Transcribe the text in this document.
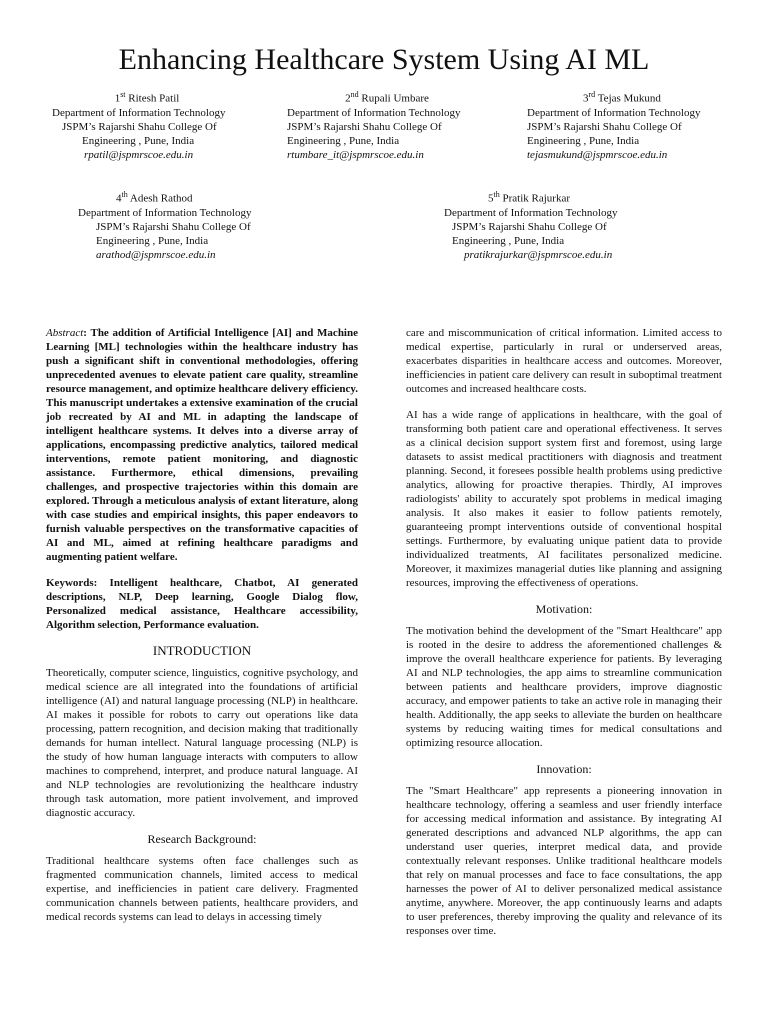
Enhancing Healthcare System Using AI ML
1st Ritesh Patil
Department of Information Technology
JSPM’s Rajarshi Shahu College Of
Engineering , Pune, India
rpatil@jspmrscoe.edu.in
2nd Rupali Umbare
Department of Information Technology
JSPM’s Rajarshi Shahu College Of
Engineering , Pune, India
rtumbare_it@jspmrscoe.edu.in
3rd Tejas Mukund
Department of Information Technology
JSPM’s Rajarshi Shahu College Of
Engineering , Pune, India
tejasmukund@jspmrscoe.edu.in
4th Adesh Rathod
Department of Information Technology
JSPM’s Rajarshi Shahu College Of
Engineering , Pune, India
arathod@jspmrscoe.edu.in
5th Pratik Rajurkar
Department of Information Technology
JSPM’s Rajarshi Shahu College Of
Engineering , Pune, India
pratikrajurkar@jspmrscoe.edu.in

Abstract: The addition of Artificial Intelligence [AI] and Machine Learning [ML] technologies within the healthcare industry has push a significant shift in conventional methodologies, offering unprecedented avenues to elevate patient care quality, streamline resource management, and optimize healthcare delivery efficiency. This manuscript undertakes a extensive examination of the crucial job recreated by AI and ML in adapting the landscape of intelligent healthcare systems. It delves into a diverse array of applications, encompassing predictive analytics, tailored medical interventions, remote patient monitoring, and diagnostic assistance. Furthermore, ethical dimensions, prevailing challenges, and prospective trajectories within this domain are explored. Through a meticulous analysis of extant literature, along with case studies and empirical insights, this paper endeavors to furnish valuable perspectives on the transformative capacities of AI and ML, aimed at refining healthcare paradigms and augmenting patient welfare.

Keywords: Intelligent healthcare, Chatbot, AI generated descriptions, NLP, Deep learning, Google Dialog flow, Personalized medical assistance, Healthcare accessibility, Algorithm selection, Performance evaluation.

INTRODUCTION

Theoretically, computer science, linguistics, cognitive psychology, and medical science are all integrated into the foundations of artificial intelligence (AI) and natural language processing (NLP) in healthcare. AI makes it possible for robots to carry out operations like data processing, pattern recognition, and decision making that traditionally demands for human intellect. Natural language processing (NLP) is the study of how human language interacts with computers to allow machines to comprehend, interpret, and produce natural language. AI and NLP technologies are revolutionizing the healthcare industry through task automation, more patient involvement, and improved diagnostic accuracy.

Research Background:

Traditional healthcare systems often face challenges such as fragmented communication channels, limited access to medical expertise, and inefficiencies in patient care delivery. Fragmented communication channels between patients, healthcare providers, and medical records systems can lead to delays in accessing timely

care and miscommunication of critical information. Limited access to medical expertise, particularly in rural or underserved areas, exacerbates disparities in healthcare access and outcomes. Moreover, inefficiencies in patient care delivery can result in suboptimal treatment outcomes and increased healthcare costs.

AI has a wide range of applications in healthcare, with the goal of transforming both patient care and operational effectiveness. It serves as a clinical decision support system first and foremost, using large datasets to assist medical practitioners with diagnosis and treatment planning. Second, it foresees possible health problems using predictive analytics, allowing for proactive therapies. Thirdly, AI improves radiologists' ability to accurately spot problems in medical imaging analysis. It also makes it easier to follow patients remotely, guaranteeing prompt interventions outside of conventional hospital settings. Furthermore, by evaluating unique patient data to provide individualized treatments, AI facilitates personalized medicine. Moreover, it maximizes managerial duties like planning and assigning resources, improving the effectiveness of operations.

Motivation:

The motivation behind the development of the "Smart Healthcare" app is rooted in the desire to address the aforementioned challenges & improve the overall healthcare experience for patients. By leveraging AI and NLP technologies, the app aims to streamline communication between patients and healthcare providers, improve diagnostic accuracy, and empower patients to take an active role in managing their health. Additionally, the app seeks to alleviate the burden on healthcare systems by reducing waiting times for medical consultations and optimizing resource allocation.

Innovation:

The "Smart Healthcare" app represents a pioneering innovation in healthcare technology, offering a seamless and user friendly interface for accessing medical information and assistance. By integrating AI generated descriptions and advanced NLP algorithms, the app can understand user queries, interpret medical data, and provide contextually relevant responses. Unlike traditional healthcare models that rely on manual processes and face to face consultations, the app harnesses the power of AI to deliver personalized medical assistance anytime, anywhere. Moreover, the app continuously learns and adapts to user preferences, thereby improving the quality and relevance of its responses over time.
